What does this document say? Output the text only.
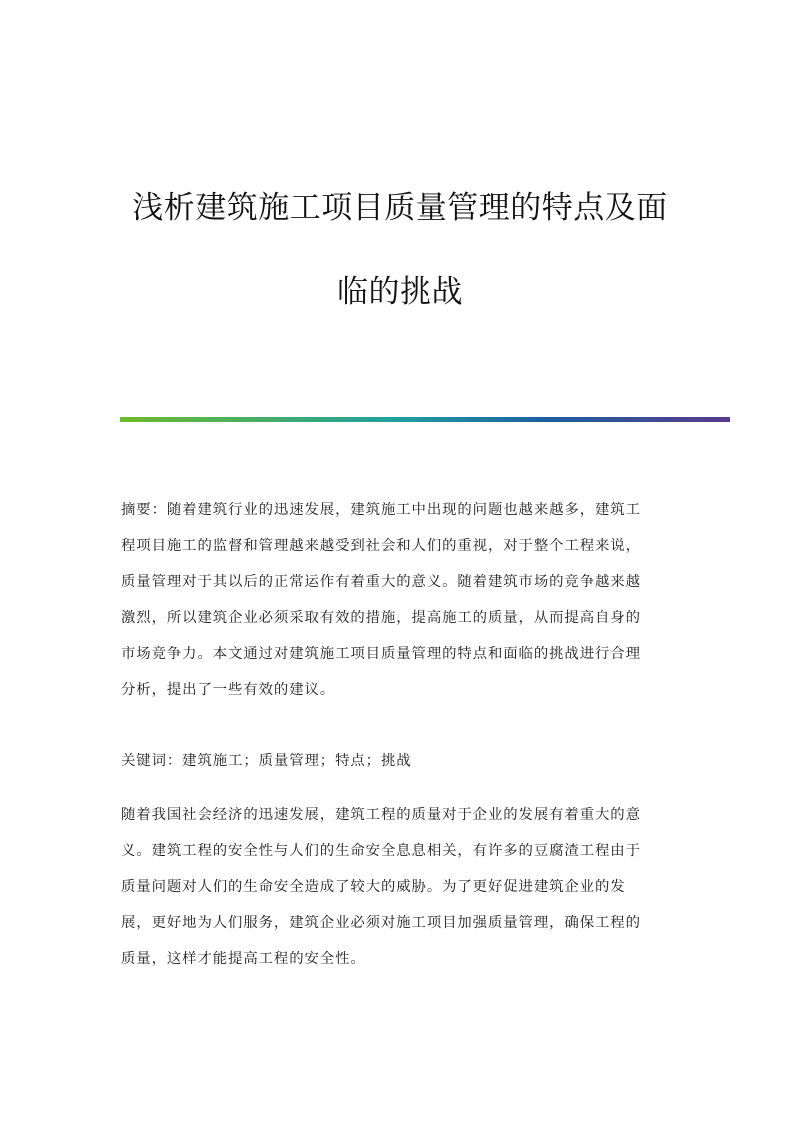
浅析建筑施工项目质量管理的特点及面
临的挑战
摘要：随着建筑行业的迅速发展，建筑施工中出现的问题也越来越多，建筑工
程项目施工的监督和管理越来越受到社会和人们的重视，对于整个工程来说，
质量管理对于其以后的正常运作有着重大的意义。随着建筑市场的竞争越来越
激烈，所以建筑企业必须采取有效的措施，提高施工的质量，从而提高自身的
市场竞争力。本文通过对建筑施工项目质量管理的特点和面临的挑战进行合理
分析，提出了一些有效的建议。
关键词：建筑施工；质量管理；特点；挑战
随着我国社会经济的迅速发展，建筑工程的质量对于企业的发展有着重大的意
义。建筑工程的安全性与人们的生命安全息息相关，有许多的豆腐渣工程由于
质量问题对人们的生命安全造成了较大的威胁。为了更好促进建筑企业的发
展，更好地为人们服务，建筑企业必须对施工项目加强质量管理，确保工程的
质量，这样才能提高工程的安全性。
